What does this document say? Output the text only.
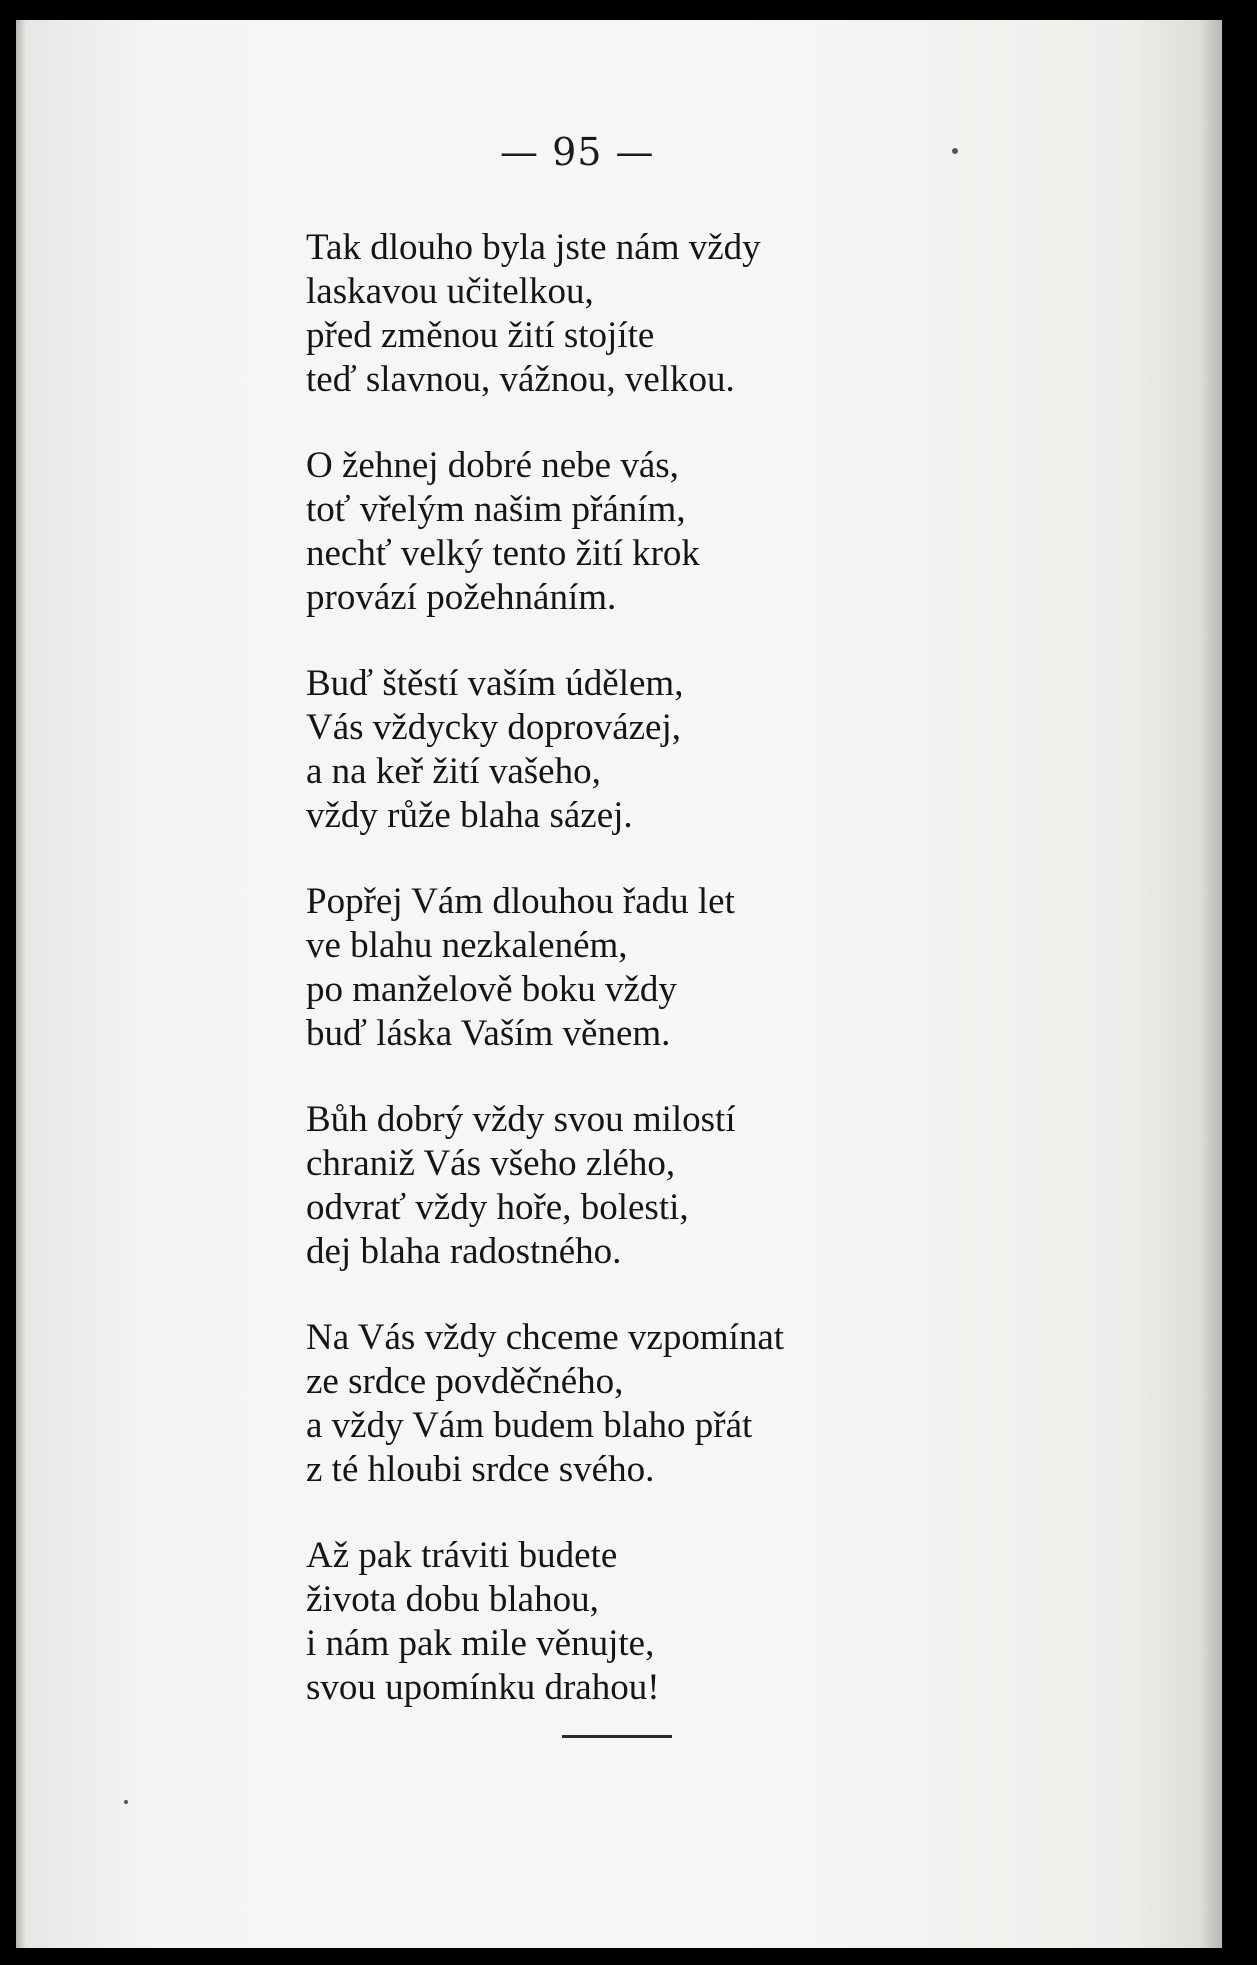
— 95 —
Tak dlouho byla jste nám vždy
laskavou učitelkou,
před změnou žití stojíte
teď slavnou, vážnou, velkou.
O žehnej dobré nebe vás,
toť vřelým našim přáním,
nechť velký tento žití krok
provází požehnáním.
Buď štěstí vaším údělem,
Vás vždycky doprovázej,
a na keř žití vašeho,
vždy růže blaha sázej.
Popřej Vám dlouhou řadu let
ve blahu nezkaleném,
po manželově boku vždy
buď láska Vaším věnem.
Bůh dobrý vždy svou milostí
chraniž Vás všeho zlého,
odvrať vždy hoře, bolesti,
dej blaha radostného.
Na Vás vždy chceme vzpomínat
ze srdce povděčného,
a vždy Vám budem blaho přát
z té hloubi srdce svého.
Až pak tráviti budete
života dobu blahou,
i nám pak mile věnujte,
svou upomínku drahou!
